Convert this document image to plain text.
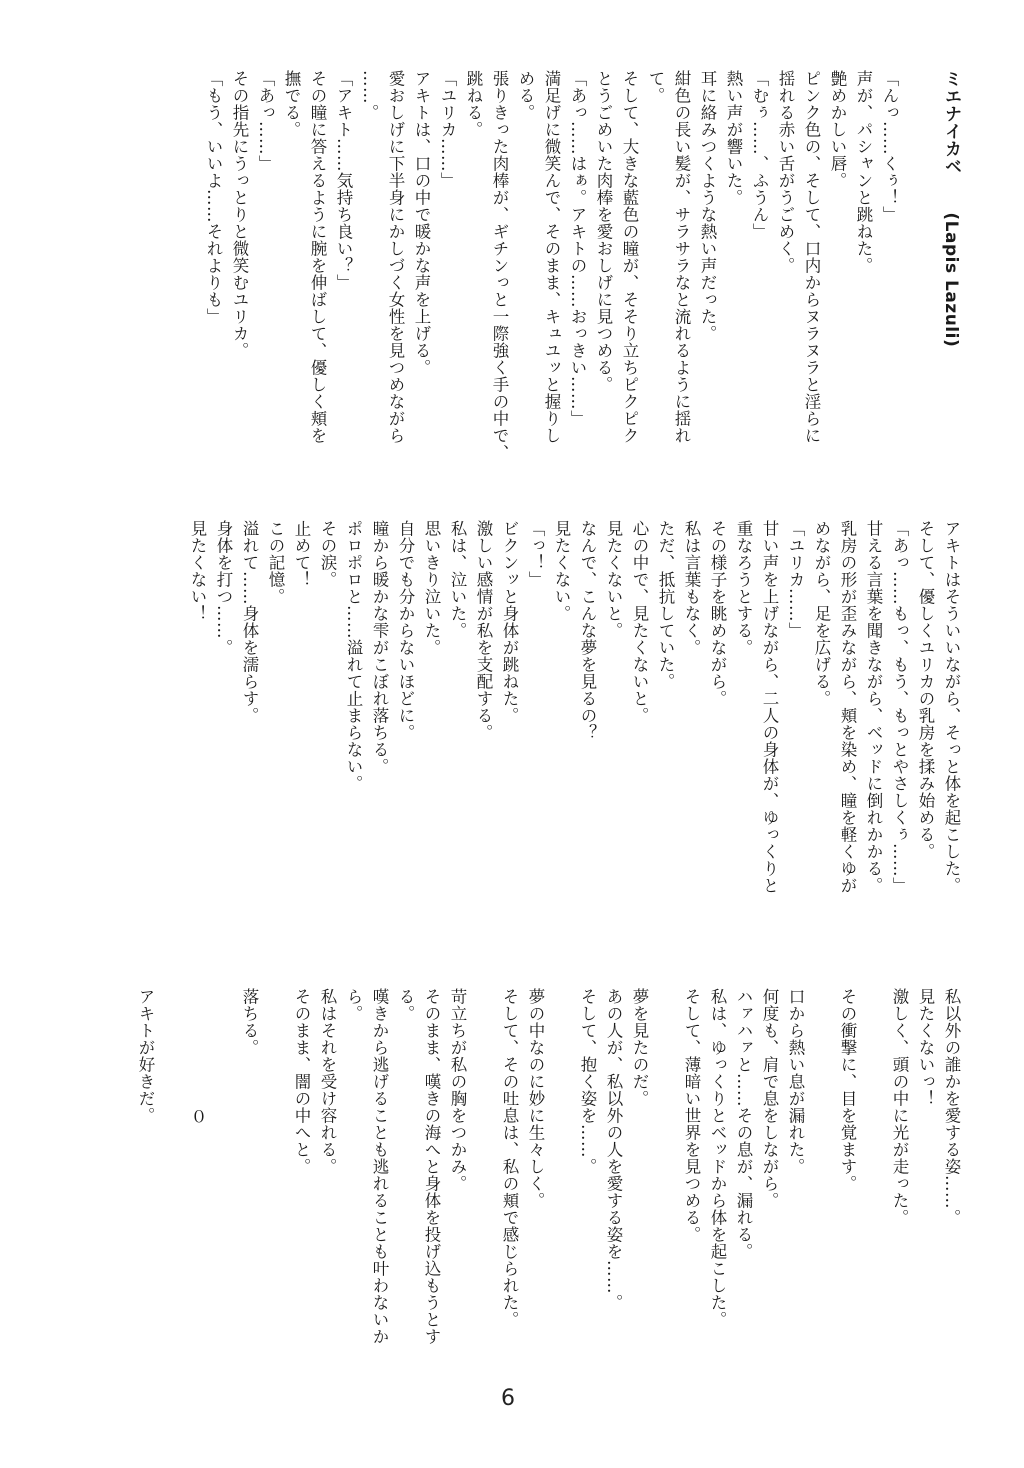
ミエナイカベ(Lapis Lazuli)
「んっ……くぅ！」
声が、パシャンと跳ねた。
艶めかしい唇。
ピンク色の、そして、口内からヌラヌラと淫らに
揺れる赤い舌がうごめく。
「むぅ……、ふうん」
熱い声が響いた。
耳に絡みつくような熱い声だった。
紺色の長い髪が、サラサラなと流れるように揺れ
て。
そして、大きな藍色の瞳が、そそり立ちピクピク
とうごめいた肉棒を愛おしげに見つめる。
「あっ……はぁ。アキトの……おっきい……」
満足げに微笑んで、そのまま、キュユッと握りし
める。
張りきった肉棒が、ギチンっと一際強く手の中で、
跳ねる。
「ユリカ……」
アキトは、口の中で暖かな声を上げる。
愛おしげに下半身にかしづく女性を見つめながら
……。
「アキト……気持ち良い？」
その瞳に答えるように腕を伸ばして、優しく頬を
撫でる。
「あっ……」
その指先にうっとりと微笑むユリカ。
「もう、いいよ……それよりも」
アキトはそういいながら、そっと体を起こした。
そして、優しくユリカの乳房を揉み始める。
「あっ……もっ、もう、もっとやさしくぅ……」
甘える言葉を聞きながら、ベッドに倒れかかる。
乳房の形が歪みながら、頬を染め、瞳を軽くゆが
めながら、足を広げる。
「ユリカ……」
甘い声を上げながら、二人の身体が、ゆっくりと
重なろうとする。
その様子を眺めながら。
私は言葉もなく。
ただ、抵抗していた。
心の中で、見たくないと。
見たくないと。
なんで、こんな夢を見るの？
見たくない。
「っ！」
ビクンッと身体が跳ねた。
激しい感情が私を支配する。
私は、泣いた。
思いきり泣いた。
自分でも分からないほどに。
瞳から暖かな雫がこぼれ落ちる。
ポロポロと……溢れて止まらない。
その涙。
止めて！
この記憶。
溢れて……身体を濡らす。
身体を打つ……。
見たくない！
私以外の誰かを愛する姿……。
見たくないっ！
激しく、頭の中に光が走った。
その衝撃に、目を覚ます。
口から熱い息が漏れた。
何度も、肩で息をしながら。
ハァハァと……その息が、漏れる。
私は、ゆっくりとベッドから体を起こした。
そして、薄暗い世界を見つめる。
夢を見たのだ。
あの人が、私以外の人を愛する姿を……。
そして、抱く姿を……。
夢の中なのに妙に生々しく。
そして、その吐息は、私の頬で感じられた。
苛立ちが私の胸をつかみ。
そのまま、嘆きの海へと身体を投げ込もうとする。
嘆きから逃げることも逃れることも叶わないから。
私はそれを受け容れる。
そのまま、闇の中へと。
落ちる。
０
アキトが好きだ。
6
